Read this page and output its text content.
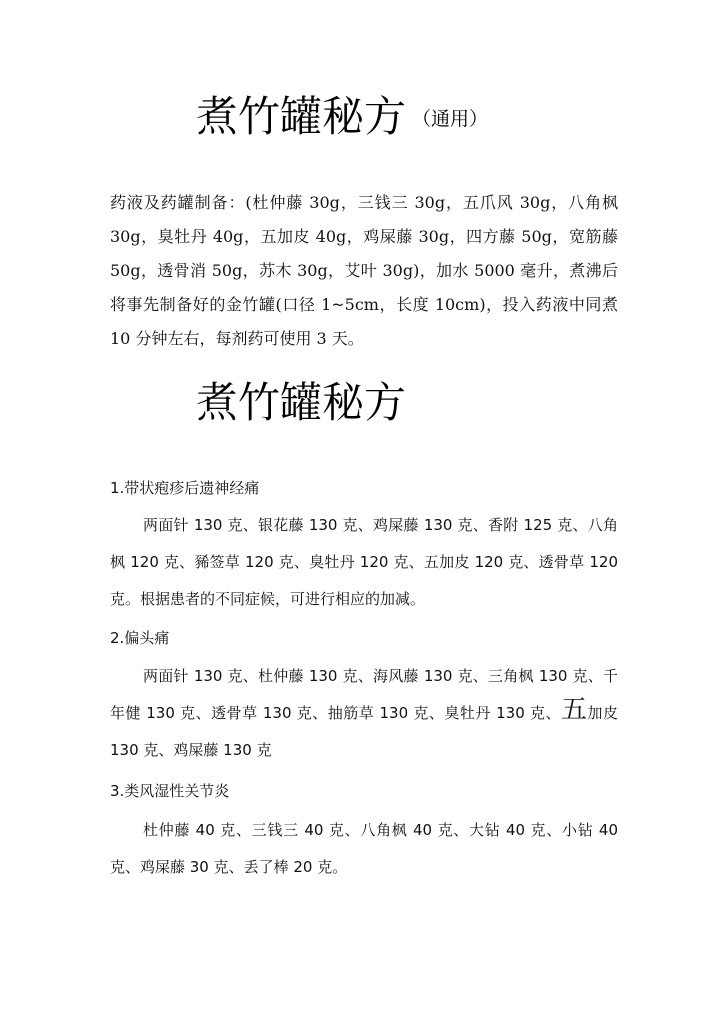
煮竹罐秘方 $^{(通用)}$

药液及药罐制备：(杜仲藤 30g，三钱三 30g，五爪风 30g，八角枫 30g，臭牡丹 40g，五加皮 40g，鸡屎藤 30g，四方藤 50g，宽筋藤 50g，透骨消 50g，苏木 30g，艾叶 30g)，加水 5000 毫升，煮沸后将事先制备好的金竹罐(口径 1~5cm，长度 10cm)，投入药液中同煮 10 分钟左右，每剂药可使用 3 天。

煮竹罐秘方
1.带状疱疹后遗神经痛

两面针 130 克、银花藤 130 克、鸡屎藤 130 克、香附 125 克、八角枫 120 克、豨签草 120 克、臭牡丹 120 克、五加皮 120 克、透骨草 120 克。根据患者的不同症候，可进行相应的加减。

2.偏头痛

两面针 130 克、杜仲藤 130 克、海风藤 130 克、三角枫 130 克、千年健 130 克、透骨草 130 克、抽筋草 130 克、臭牡丹 130 克、五加皮 130 克、鸡屎藤 130 克

3.类风湿性关节炎

杜仲藤 40 克、三钱三 40 克、八角枫 40 克、大钻 40 克、小钻 40 克、鸡屎藤 30 克、丢了棒 20 克。
